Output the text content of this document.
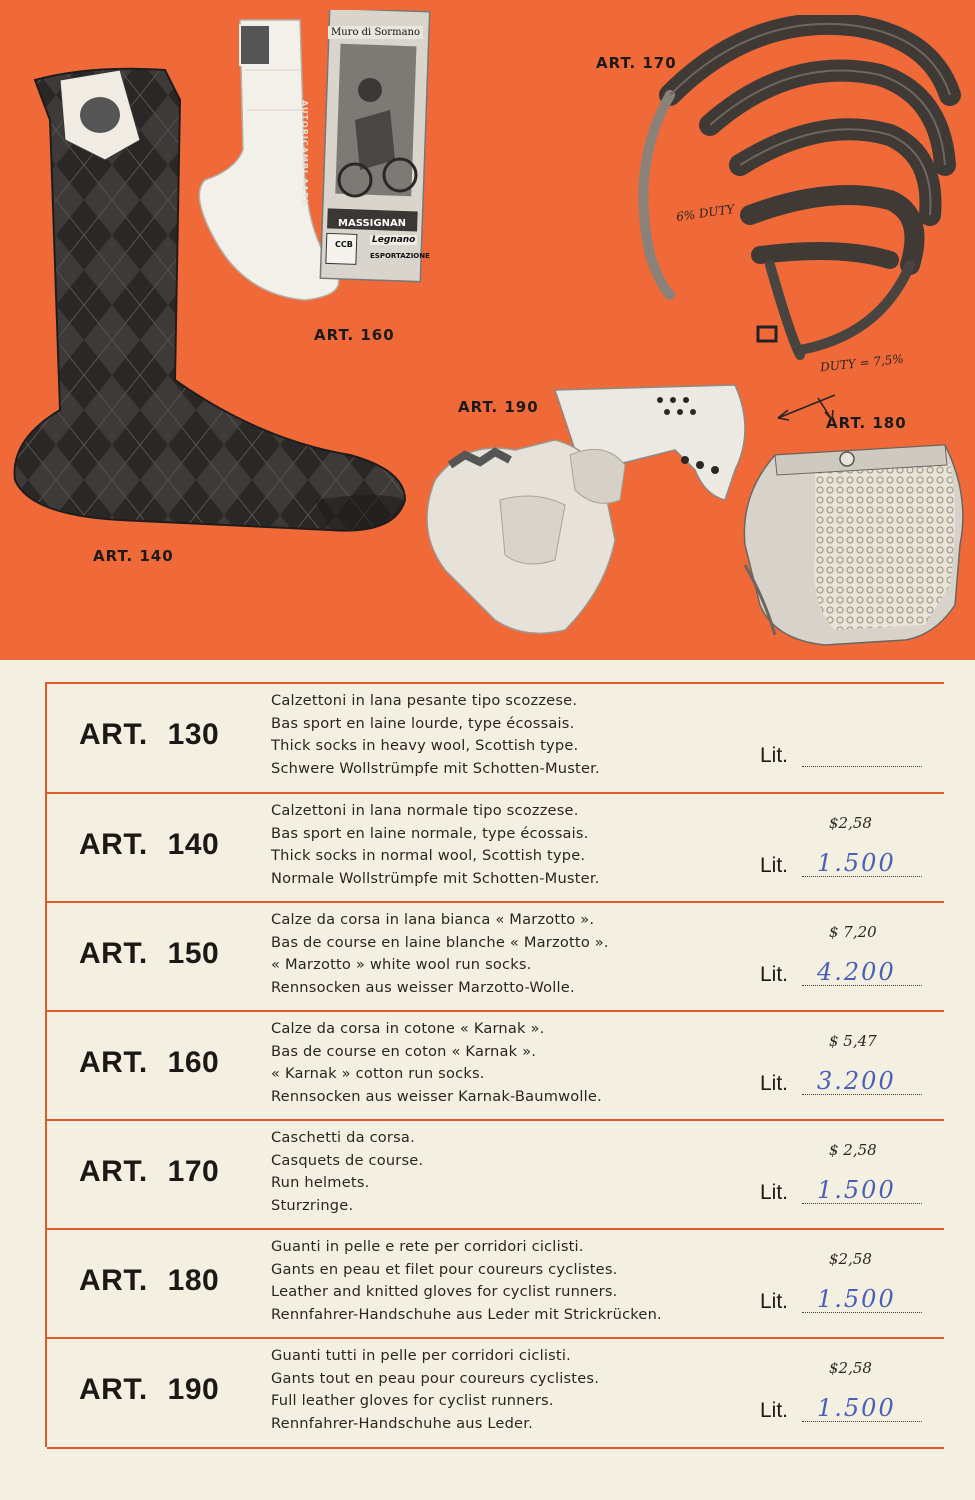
Muro di Sormano
MASSIGNAN
Legnano
CCB
ESPORTAZIONE
AUTORICAMBI AARN
ART. 140
ART. 160
ART. 170
ART. 180
ART. 190
6% DUTY
DUTY = 7,5%
ART. 130
Calzettoni in lana pesante tipo scozzese.
Bas sport en laine lourde, type écossais.
Thick socks in heavy wool, Scottish type.
Schwere Wollstrümpfe mit Schotten-Muster.
Lit.
ART. 140
Calzettoni in lana normale tipo scozzese.
Bas sport en laine normale, type écossais.
Thick socks in normal wool, Scottish type.
Normale Wollstrümpfe mit Schotten-Muster.
$2,58
Lit. 1.500
ART. 150
Calze da corsa in lana bianca « Marzotto ».
Bas de course en laine blanche « Marzotto ».
« Marzotto » white wool run socks.
Rennsocken aus weisser Marzotto-Wolle.
$ 7,20
Lit. 4.200
ART. 160
Calze da corsa in cotone « Karnak ».
Bas de course en coton « Karnak ».
« Karnak » cotton run socks.
Rennsocken aus weisser Karnak-Baumwolle.
$ 5,47
Lit. 3.200
ART. 170
Caschetti da corsa.
Casquets de course.
Run helmets.
Sturzringe.
$ 2,58
Lit. 1.500
ART. 180
Guanti in pelle e rete per corridori ciclisti.
Gants en peau et filet pour coureurs cyclistes.
Leather and knitted gloves for cyclist runners.
Rennfahrer-Handschuhe aus Leder mit Strickrücken.
$2,58
Lit. 1.500
ART. 190
Guanti tutti in pelle per corridori ciclisti.
Gants tout en peau pour coureurs cyclistes.
Full leather gloves for cyclist runners.
Rennfahrer-Handschuhe aus Leder.
$2,58
Lit. 1.500
